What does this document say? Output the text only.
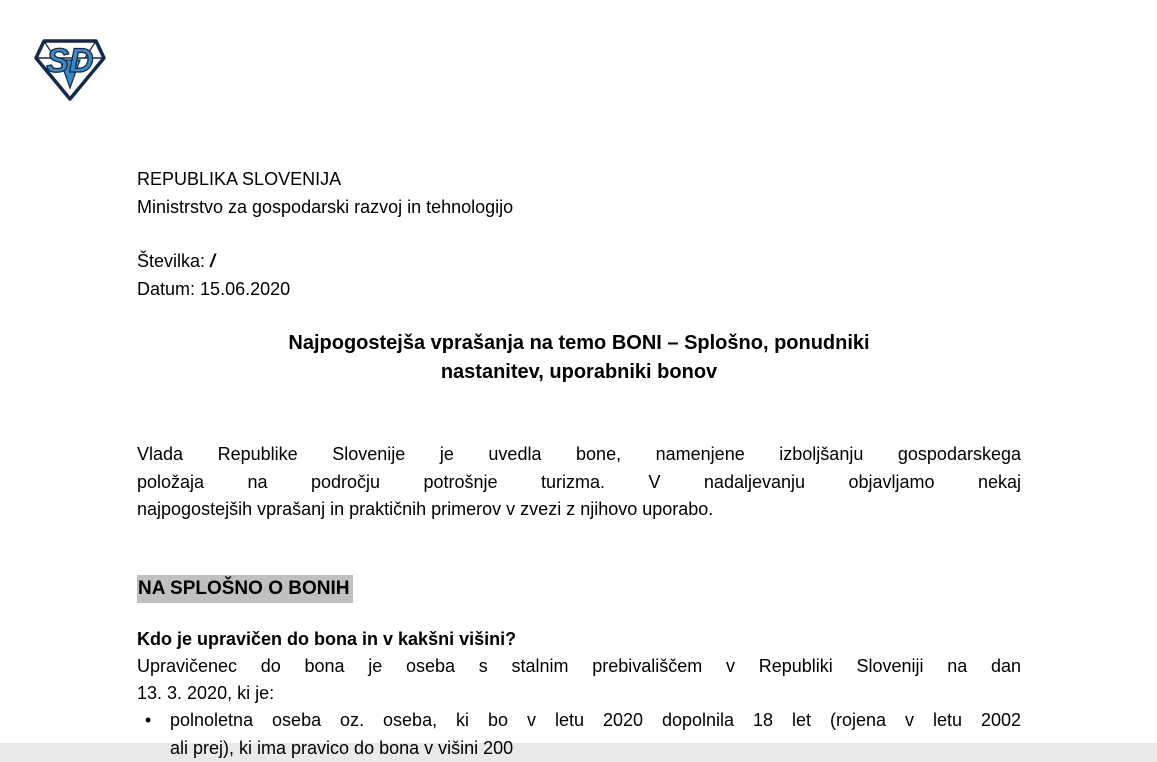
SD
REPUBLIKA SLOVENIJA
Ministrstvo za gospodarski razvoj in tehnologijo
Številka: /
Datum: 15.06.2020
Najpogostejša vprašanja na temo BONI – Splošno, ponudniki
nastanitev, uporabniki bonov
Vlada Republike Slovenije je uvedla bone, namenjene izboljšanju gospodarskega
položaja na področju potrošnje turizma. V nadaljevanju objavljamo nekaj
najpogostejših vprašanj in praktičnih primerov v zvezi z njihovo uporabo.
NA SPLOŠNO O BONIH
Kdo je upravičen do bona in v kakšni višini?
Upravičenec do bona je oseba s stalnim prebivališčem v Republiki Sloveniji na dan
13. 3. 2020, ki je:
• polnoletna oseba oz. oseba, ki bo v letu 2020 dopolnila 18 let (rojena v letu 2002
ali prej), ki ima pravico do bona v višini 200
